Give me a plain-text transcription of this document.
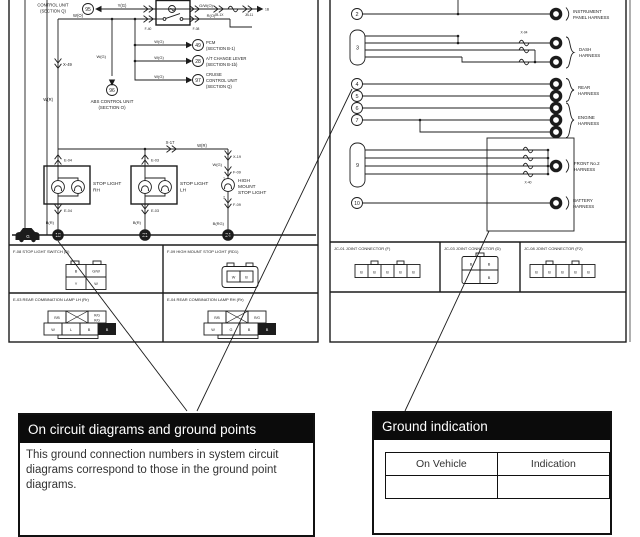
CONTROL UNIT
(SECTION Q)	95
Y(G)
F-40	F-08
G/W(O)
JB-1X	JB-11
1B
R(O)
W(O)
W(G)
96
ABS CONTROL UNIT
(SECTION O)
W(G)
W(G)
W(G)
49
28
97
PCM
(SECTION B-1)
A/T CHANGE LEVER
(SECTION B-1b)
CRUISE
CONTROL UNIT
(SECTION Q)
X-49
W(R)
X-17
W(R)
E-04
STOP LIGHT
RH
E-04
B(R)
18
E-03
STOP LIGHT
LH
E-03
B(R)
21
X-19
W(G)
F-09
1
HIGH
MOUNT
STOP LIGHT
2
F-09
B(RG)
24
G
F-08 STOP LIGHT SWITCH (D)	F-09 HIGH MOUNT STOP LIGHT (RD1)
E-03 REAR COMBINATION LAMP LH (Rr)	E-04 REAR COMBINATION LAMP RH (Rr)
B	G/W
Y	W
W	B
R/B
R/G
R/G
W	L	B	B
R/B	R/G
W	G	B	B
2
INSTRUMENT
PANEL HARNESS
3
X-04
DASH
HARNESS
4
5
6
7
REAR
HARNESS
ENGINE
HARNESS
9
X-40
FRONT No.2
HARNESS
10
BATTERY
HARNESS
JC-01 JOINT CONNECTOR (F)	JC-03 JOINT CONNECTOR (D)	JC-08 JOINT CONNECTOR (F2)
B	B	B	B	B
B	B
B
B	B	B	B	B
On circuit diagrams and ground points
This ground connection numbers in system circuit
diagrams correspond to those in the ground point
diagrams.
Ground indication
On Vehicle	Indication
